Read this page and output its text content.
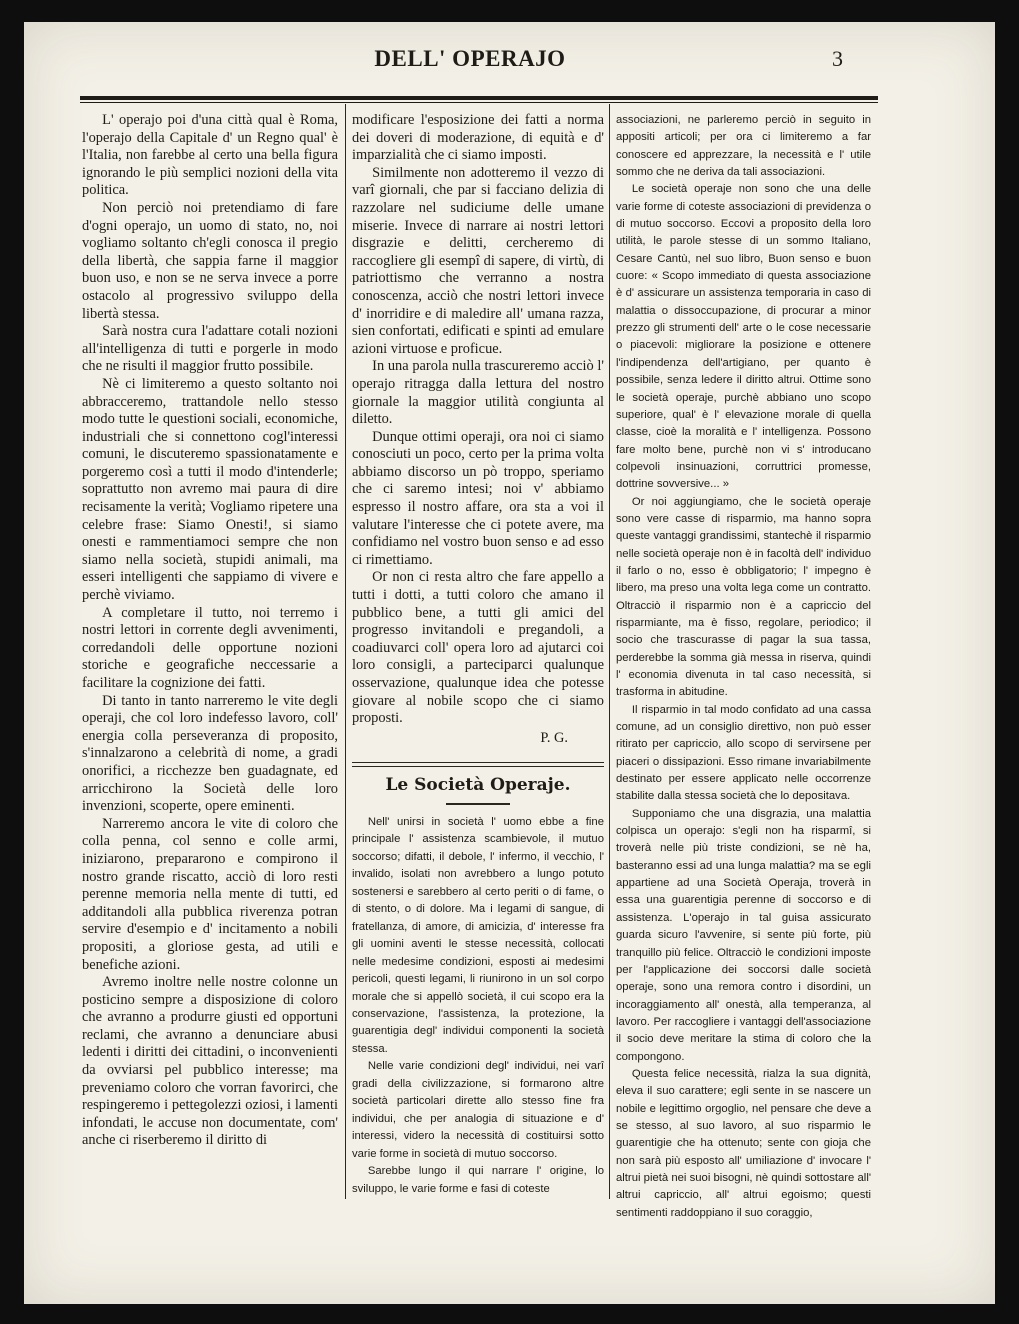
DELL' OPERAJO	3

L' operajo poi d'una città qual è Roma, l'operajo della Capitale d' un Regno qual' è l'Italia, non farebbe al certo una bella figura ignorando le più semplici nozioni della vita politica.

Non perciò noi pretendiamo di fare d'ogni operajo, un uomo di stato, no, noi vogliamo soltanto ch'egli conosca il pregio della libertà, che sappia farne il maggior buon uso, e non se ne serva invece a porre ostacolo al progressivo sviluppo della libertà stessa.

Sarà nostra cura l'adattare cotali nozioni all'intelligenza di tutti e porgerle in modo che ne risulti il maggior frutto possibile.

Nè ci limiteremo a questo soltanto noi abbracceremo, trattandole nello stesso modo tutte le questioni sociali, economiche, industriali che si connettono cogl'interessi comuni, le discuteremo spassionatamente e porgeremo così a tutti il modo d'intenderle; soprattutto non avremo mai paura di dire recisamente la verità; Vogliamo ripetere una celebre frase: Siamo Onesti!, si siamo onesti e rammentiamoci sempre che non siamo nella società, stupidi animali, ma esseri intelligenti che sappiamo di vivere e perchè viviamo.

A completare il tutto, noi terremo i nostri lettori in corrente degli avvenimenti, corredandoli delle opportune nozioni storiche e geografiche neccessarie a facilitare la cognizione dei fatti.

Di tanto in tanto narreremo le vite degli operaji, che col loro indefesso lavoro, coll' energia colla perseveranza di proposito, s'innalzarono a celebrità di nome, a gradi onorifici, a ricchezze ben guadagnate, ed arricchirono la Società delle loro invenzioni, scoperte, opere eminenti.

Narreremo ancora le vite di coloro che colla penna, col senno e colle armi, iniziarono, prepararono e compirono il nostro grande riscatto, acciò di loro resti perenne memoria nella mente di tutti, ed additandoli alla pubblica riverenza potran servire d'esempio e d' incitamento a nobili propositi, a gloriose gesta, ad utili e benefiche azioni.

Avremo inoltre nelle nostre colonne un posticino sempre a disposizione di coloro che avranno a produrre giusti ed opportuni reclami, che avranno a denunciare abusi ledenti i diritti dei cittadini, o inconvenienti da ovviarsi pel pubblico interesse; ma preveniamo coloro che vorran favorirci, che respingeremo i pettegolezzi oziosi, i lamenti infondati, le accuse non documentate, com' anche ci riserberemo il diritto di

modificare l'esposizione dei fatti a norma dei doveri di moderazione, di equità e d' imparzialità che ci siamo imposti.

Similmente non adotteremo il vezzo di varî giornali, che par si facciano delizia di razzolare nel sudiciume delle umane miserie. Invece di narrare ai nostri lettori disgrazie e delitti, cercheremo di raccogliere gli esempî di sapere, di virtù, di patriottismo che verranno a nostra conoscenza, acciò che nostri lettori invece d' inorridire e di maledire all' umana razza, sien confortati, edificati e spinti ad emulare azioni virtuose e proficue.

In una parola nulla trascureremo acciò l' operajo ritragga dalla lettura del nostro giornale la maggior utilità congiunta al diletto.

Dunque ottimi operaji, ora noi ci siamo conosciuti un poco, certo per la prima volta abbiamo discorso un pò troppo, speriamo che ci saremo intesi; noi v' abbiamo espresso il nostro affare, ora sta a voi il valutare l'interesse che ci potete avere, ma confidiamo nel vostro buon senso e ad esso ci rimettiamo.

Or non ci resta altro che fare appello a tutti i dotti, a tutti coloro che amano il pubblico bene, a tutti gli amici del progresso invitandoli e pregandoli, a coadiuvarci coll' opera loro ad ajutarci coi loro consigli, a parteciparci qualunque osservazione, qualunque idea che potesse giovare al nobile scopo che ci siamo proposti.

P. G.
Le Società Operaje.

Nell' unirsi in società l' uomo ebbe a fine principale l' assistenza scambievole, il mutuo soccorso; difatti, il debole, l' infermo, il vecchio, l' invalido, isolati non avrebbero a lungo potuto sostenersi e sarebbero al certo periti o di fame, o di stento, o di dolore. Ma i legami di sangue, di fratellanza, di amore, di amicizia, d' interesse fra gli uomini aventi le stesse necessità, collocati nelle medesime condizioni, esposti ai medesimi pericoli, questi legami, li riunirono in un sol corpo morale che si appellò società, il cui scopo era la conservazione, l'assistenza, la protezione, la guarentigia degl' individui componenti la società stessa.

Nelle varie condizioni degl' individui, nei varî gradi della civilizzazione, si formarono altre società particolari dirette allo stesso fine fra individui, che per analogia di situazione e d' interessi, videro la necessità di costituirsi sotto varie forme in società di mutuo soccorso.

Sarebbe lungo il qui narrare l' origine, lo sviluppo, le varie forme e fasi di coteste

associazioni, ne parleremo perciò in seguito in appositi articoli; per ora ci limiteremo a far conoscere ed apprezzare, la necessità e l' utile sommo che ne deriva da tali associazioni.

Le società operaje non sono che una delle varie forme di coteste associazioni di previdenza o di mutuo soccorso. Eccovi a proposito della loro utilità, le parole stesse di un sommo Italiano, Cesare Cantù, nel suo libro, Buon senso e buon cuore: « Scopo immediato di questa associazione è d' assicurare un assistenza temporaria in caso di malattia o dissoccupazione, di procurar a minor prezzo gli strumenti dell' arte o le cose necessarie o piacevoli: migliorare la posizione e ottenere l'indipendenza dell'artigiano, per quanto è possibile, senza ledere il diritto altrui. Ottime sono le società operaje, purchè abbiano uno scopo superiore, qual' è l' elevazione morale di quella classe, cioè la moralità e l' intelligenza. Possono fare molto bene, purchè non vi s' introducano colpevoli insinuazioni, corruttrici promesse, dottrine sovversive... »

Or noi aggiungiamo, che le società operaje sono vere casse di risparmio, ma hanno sopra queste vantaggi grandissimi, stantechè il risparmio nelle società operaje non è in facoltà dell' individuo il farlo o no, esso è obbligatorio; l' impegno è libero, ma preso una volta lega come un contratto. Oltracciò il risparmio non è a capriccio del risparmiante, ma è fisso, regolare, periodico; il socio che trascurasse di pagar la sua tassa, perderebbe la somma già messa in riserva, quindi l' economia divenuta in tal caso necessità, si trasforma in abitudine.

Il risparmio in tal modo confidato ad una cassa comune, ad un consiglio direttivo, non può esser ritirato per capriccio, allo scopo di servirsene per piaceri o dissipazioni. Esso rimane invariabilmente destinato per essere applicato nelle occorrenze stabilite dalla stessa società che lo depositava.

Supponiamo che una disgrazia, una malattia colpisca un operajo: s'egli non ha risparmî, si troverà nelle più triste condizioni, se nè ha, basteranno essi ad una lunga malattia? ma se egli appartiene ad una Società Operaja, troverà in essa una guarentigia perenne di soccorso e di assistenza. L'operajo in tal guisa assicurato guarda sicuro l'avvenire, si sente più forte, più tranquillo più felice. Oltracciò le condizioni imposte per l'applicazione dei soccorsi dalle società operaje, sono una remora contro i disordini, un incoraggiamento all' onestà, alla temperanza, al lavoro. Per raccogliere i vantaggi dell'associazione il socio deve meritare la stima di coloro che la compongono.

Questa felice necessità, rialza la sua dignità, eleva il suo carattere; egli sente in se nascere un nobile e legittimo orgoglio, nel pensare che deve a se stesso, al suo lavoro, al suo risparmio le guarentigie che ha ottenuto; sente con gioja che non sarà più esposto all' umiliazione d' invocare l' altrui pietà nei suoi bisogni, nè quindi sottostare all' altrui capriccio, all' altrui egoismo; questi sentimenti raddoppiano il suo coraggio,
